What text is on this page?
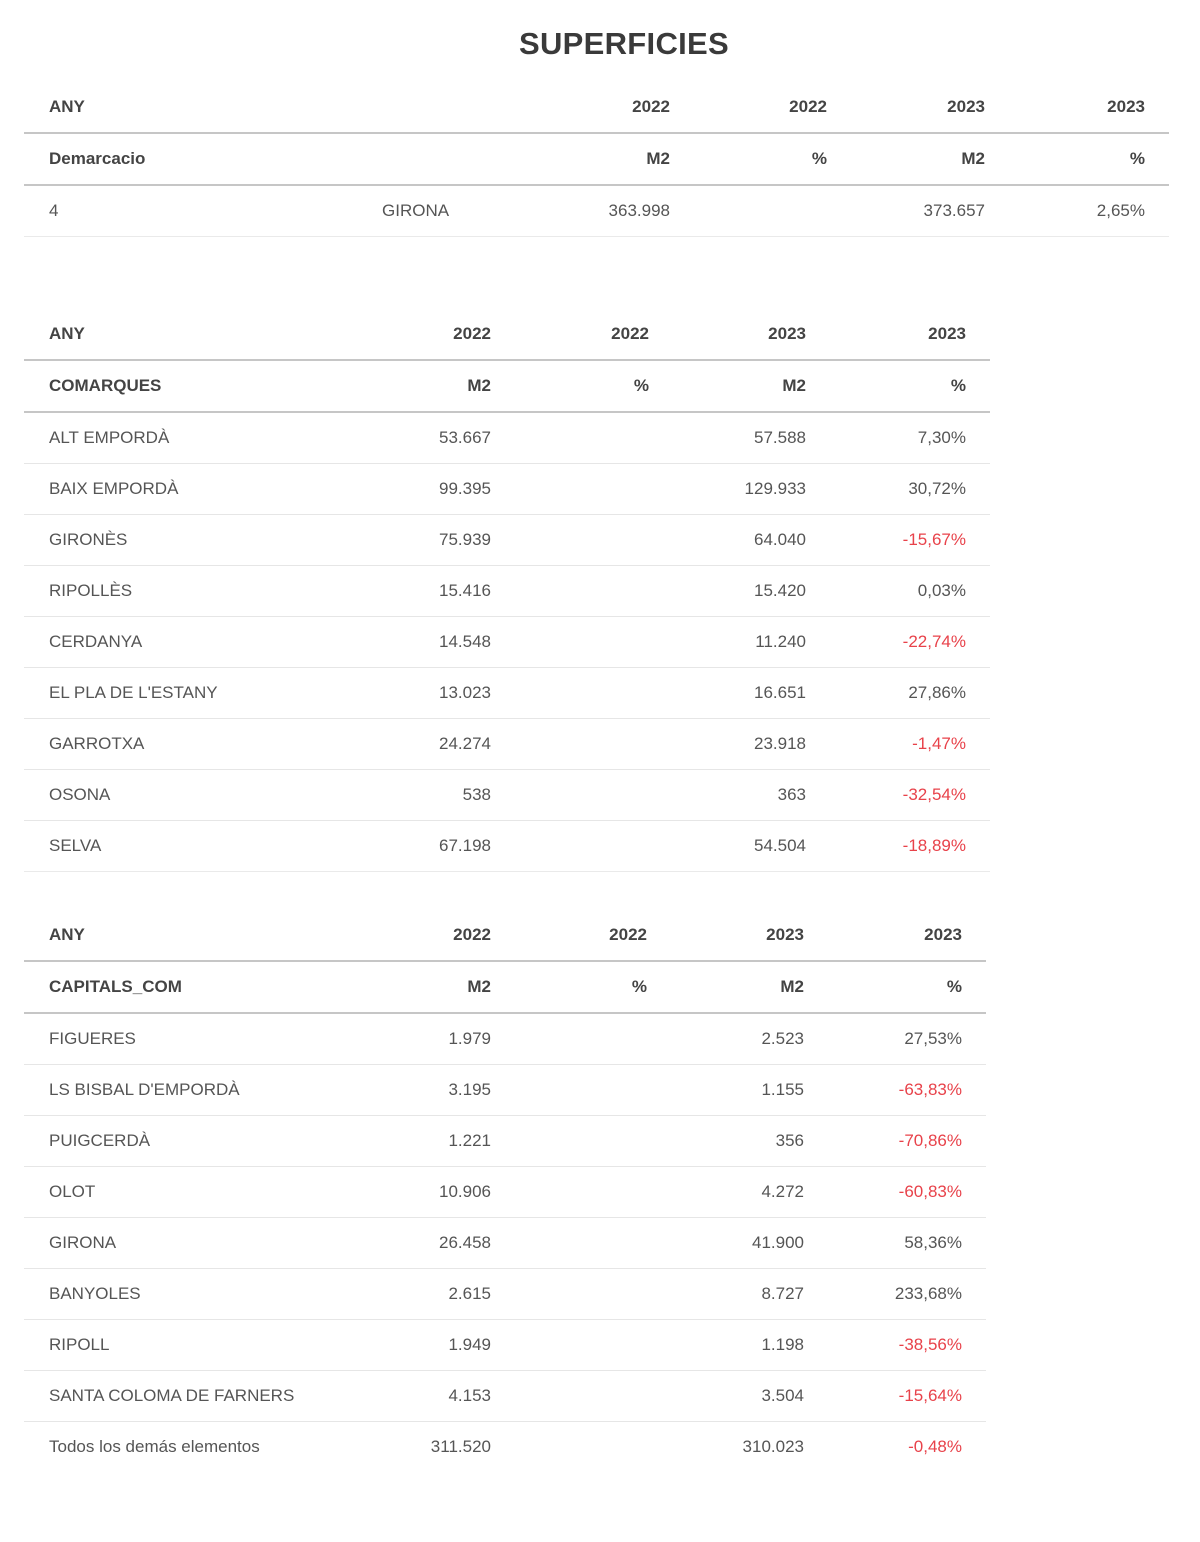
SUPERFICIES
ANY		2022	2022	2023	2023
Demarcacio		M2	%	M2	%
4	GIRONA	363.998		373.657	2,65%
ANY	2022	2022	2023	2023
COMARQUES	M2	%	M2	%
ALT EMPORDÀ	53.667		57.588	7,30%
BAIX EMPORDÀ	99.395		129.933	30,72%
GIRONÈS	75.939		64.040	-15,67%
RIPOLLÈS	15.416		15.420	0,03%
CERDANYA	14.548		11.240	-22,74%
EL PLA DE L'ESTANY	13.023		16.651	27,86%
GARROTXA	24.274		23.918	-1,47%
OSONA	538		363	-32,54%
SELVA	67.198		54.504	-18,89%
ANY	2022	2022	2023	2023
CAPITALS_COM	M2	%	M2	%
FIGUERES	1.979		2.523	27,53%
LS BISBAL D'EMPORDÀ	3.195		1.155	-63,83%
PUIGCERDÀ	1.221		356	-70,86%
OLOT	10.906		4.272	-60,83%
GIRONA	26.458		41.900	58,36%
BANYOLES	2.615		8.727	233,68%
RIPOLL	1.949		1.198	-38,56%
SANTA COLOMA DE FARNERS	4.153		3.504	-15,64%
Todos los demás elementos	311.520		310.023	-0,48%
